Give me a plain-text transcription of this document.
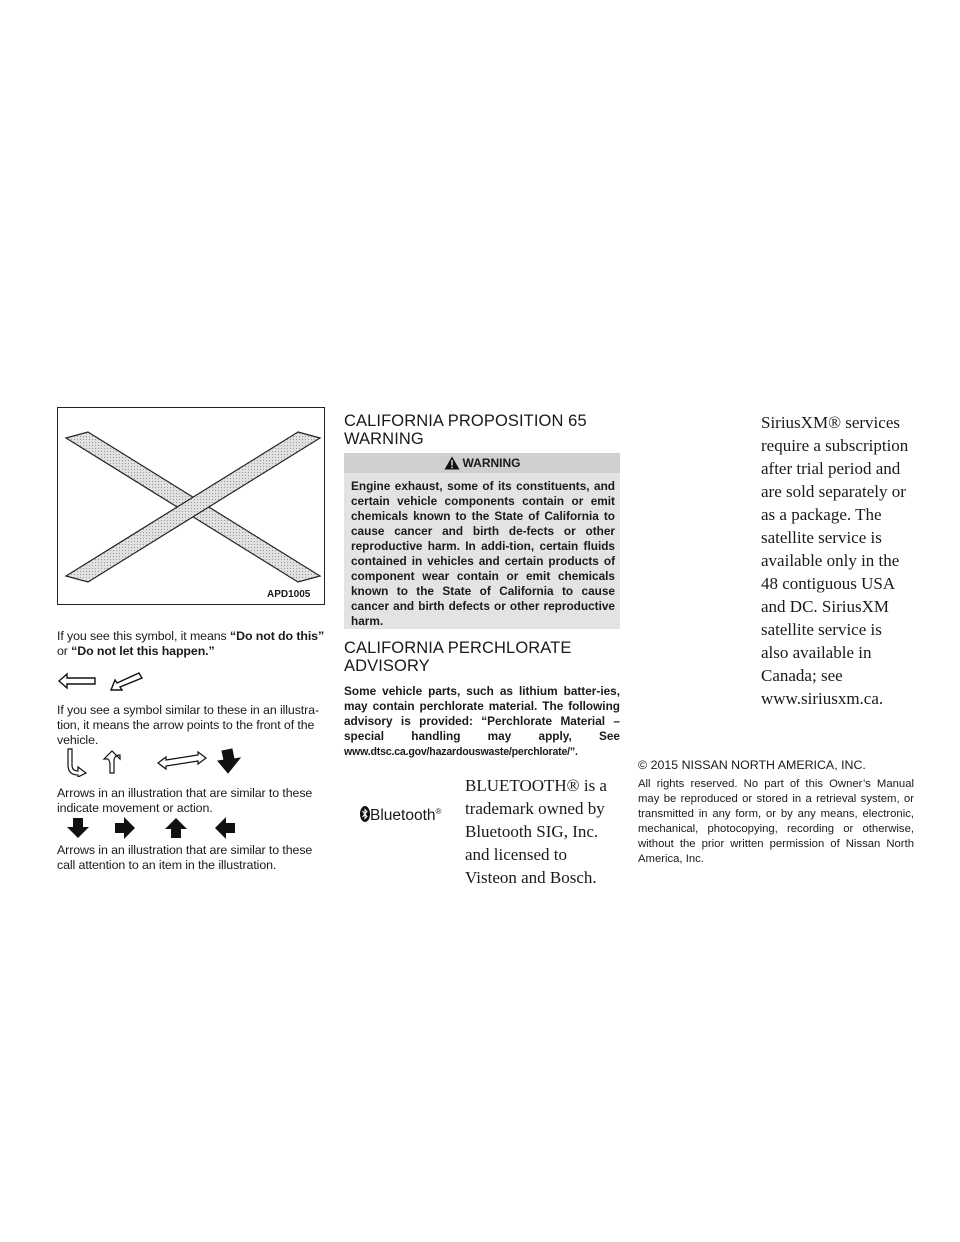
APD1005
If you see this symbol, it means “Do not do this”
or “Do not let this happen.”
If you see a symbol similar to these in an illustra-
tion, it means the arrow points to the front of the
vehicle.
Arrows in an illustration that are similar to these
indicate movement or action.
Arrows in an illustration that are similar to these
call attention to an item in the illustration.
CALIFORNIA PROPOSITION 65
WARNING
WARNING
Engine exhaust, some of its constituents, and certain vehicle components contain or emit chemicals known to the State of California to cause cancer and birth de-fects or other reproductive harm. In addi-tion, certain fluids contained in vehicles and certain products of component wear contain or emit chemicals known to the State of California to cause cancer and birth defects or other reproductive harm.
CALIFORNIA PERCHLORATE
ADVISORY
Some vehicle parts, such as lithium batter-ies, may contain perchlorate material. The following advisory is provided: “Perchlorate Material – special handling may apply, See www.dtsc.ca.gov/hazardouswaste/perchlorate/”.
Bluetooth®
BLUETOOTH® is a
trademark owned by
Bluetooth SIG, Inc.
and licensed to
Visteon and Bosch.
SiriusXM® services
require a subscription
after trial period and
are sold separately or
as a package. The
satellite service is
available only in the
48 contiguous USA
and DC. SiriusXM
satellite service is
also available in
Canada; see
www.siriusxm.ca.
© 2015 NISSAN NORTH AMERICA, INC.
All rights reserved. No part of this Owner’s Manual may be reproduced or stored in a retrieval system, or transmitted in any form, or by any means, electronic, mechanical, photocopying, recording or otherwise, without the prior written permission of Nissan North America, Inc.
